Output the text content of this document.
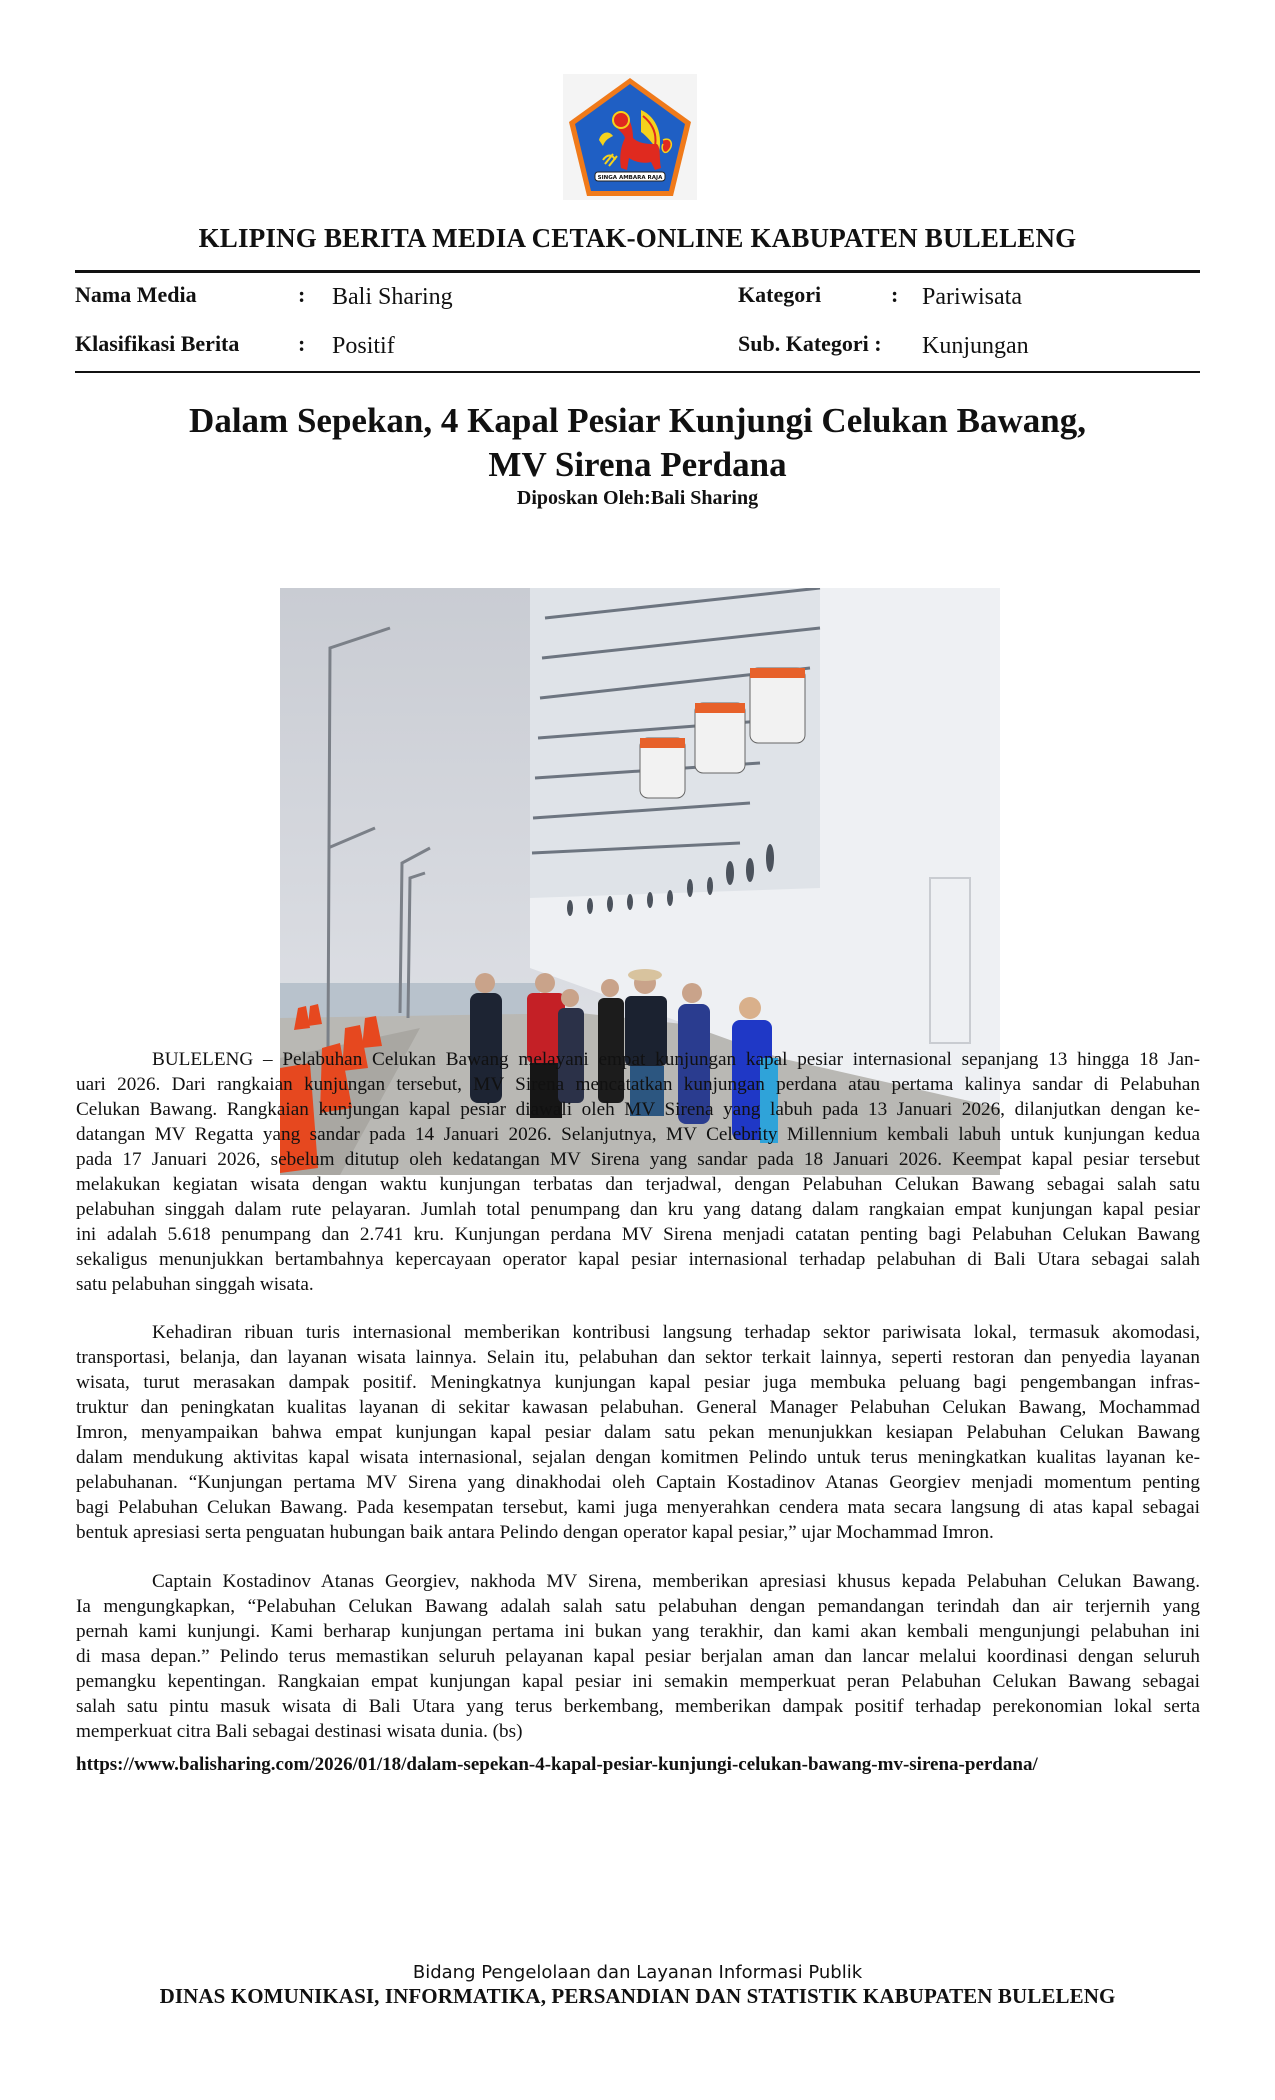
SINGA AMBARA RAJA
KLIPING BERITA MEDIA CETAK-ONLINE KABUPATEN BULELENG
Nama Media	: Bali Sharing
Klasifikasi Berita	: Positif
Kategori	: Pariwisata
Sub. Kategori : Kunjungan
Dalam Sepekan, 4 Kapal Pesiar Kunjungi Celukan Bawang,
MV Sirena Perdana
Diposkan Oleh:Bali Sharing
BULELENG – Pelabuhan Celukan Bawang melayani empat kunjungan kapal pesiar internasional sepanjang 13 hingga 18 Jan-
uari 2026. Dari rangkaian kunjungan tersebut, MV Sirena mencatatkan kunjungan perdana atau pertama kalinya sandar di Pelabuhan
Celukan Bawang. Rangkaian kunjungan kapal pesiar diawali oleh MV Sirena yang labuh pada 13 Januari 2026, dilanjutkan dengan ke-
datangan MV Regatta yang sandar pada 14 Januari 2026. Selanjutnya, MV Celebrity Millennium kembali labuh untuk kunjungan kedua
pada 17 Januari 2026, sebelum ditutup oleh kedatangan MV Sirena yang sandar pada 18 Januari 2026. Keempat kapal pesiar tersebut
melakukan kegiatan wisata dengan waktu kunjungan terbatas dan terjadwal, dengan Pelabuhan Celukan Bawang sebagai salah satu
pelabuhan singgah dalam rute pelayaran. Jumlah total penumpang dan kru yang datang dalam rangkaian empat kunjungan kapal pesiar
ini adalah 5.618 penumpang dan 2.741 kru. Kunjungan perdana MV Sirena menjadi catatan penting bagi Pelabuhan Celukan Bawang
sekaligus menunjukkan bertambahnya kepercayaan operator kapal pesiar internasional terhadap pelabuhan di Bali Utara sebagai salah
satu pelabuhan singgah wisata.
Kehadiran ribuan turis internasional memberikan kontribusi langsung terhadap sektor pariwisata lokal, termasuk akomodasi,
transportasi, belanja, dan layanan wisata lainnya. Selain itu, pelabuhan dan sektor terkait lainnya, seperti restoran dan penyedia layanan
wisata, turut merasakan dampak positif. Meningkatnya kunjungan kapal pesiar juga membuka peluang bagi pengembangan infras-
truktur dan peningkatan kualitas layanan di sekitar kawasan pelabuhan. General Manager Pelabuhan Celukan Bawang, Mochammad
Imron, menyampaikan bahwa empat kunjungan kapal pesiar dalam satu pekan menunjukkan kesiapan Pelabuhan Celukan Bawang
dalam mendukung aktivitas kapal wisata internasional, sejalan dengan komitmen Pelindo untuk terus meningkatkan kualitas layanan ke-
pelabuhanan. “Kunjungan pertama MV Sirena yang dinakhodai oleh Captain Kostadinov Atanas Georgiev menjadi momentum penting
bagi Pelabuhan Celukan Bawang. Pada kesempatan tersebut, kami juga menyerahkan cendera mata secara langsung di atas kapal sebagai
bentuk apresiasi serta penguatan hubungan baik antara Pelindo dengan operator kapal pesiar,” ujar Mochammad Imron.
Captain Kostadinov Atanas Georgiev, nakhoda MV Sirena, memberikan apresiasi khusus kepada Pelabuhan Celukan Bawang.
Ia mengungkapkan, “Pelabuhan Celukan Bawang adalah salah satu pelabuhan dengan pemandangan terindah dan air terjernih yang
pernah kami kunjungi. Kami berharap kunjungan pertama ini bukan yang terakhir, dan kami akan kembali mengunjungi pelabuhan ini
di masa depan.” Pelindo terus memastikan seluruh pelayanan kapal pesiar berjalan aman dan lancar melalui koordinasi dengan seluruh
pemangku kepentingan. Rangkaian empat kunjungan kapal pesiar ini semakin memperkuat peran Pelabuhan Celukan Bawang sebagai
salah satu pintu masuk wisata di Bali Utara yang terus berkembang, memberikan dampak positif terhadap perekonomian lokal serta
memperkuat citra Bali sebagai destinasi wisata dunia. (bs)
https://www.balisharing.com/2026/01/18/dalam-sepekan-4-kapal-pesiar-kunjungi-celukan-bawang-mv-sirena-perdana/
Bidang Pengelolaan dan Layanan Informasi Publik
DINAS KOMUNIKASI, INFORMATIKA, PERSANDIAN DAN STATISTIK KABUPATEN BULELENG
